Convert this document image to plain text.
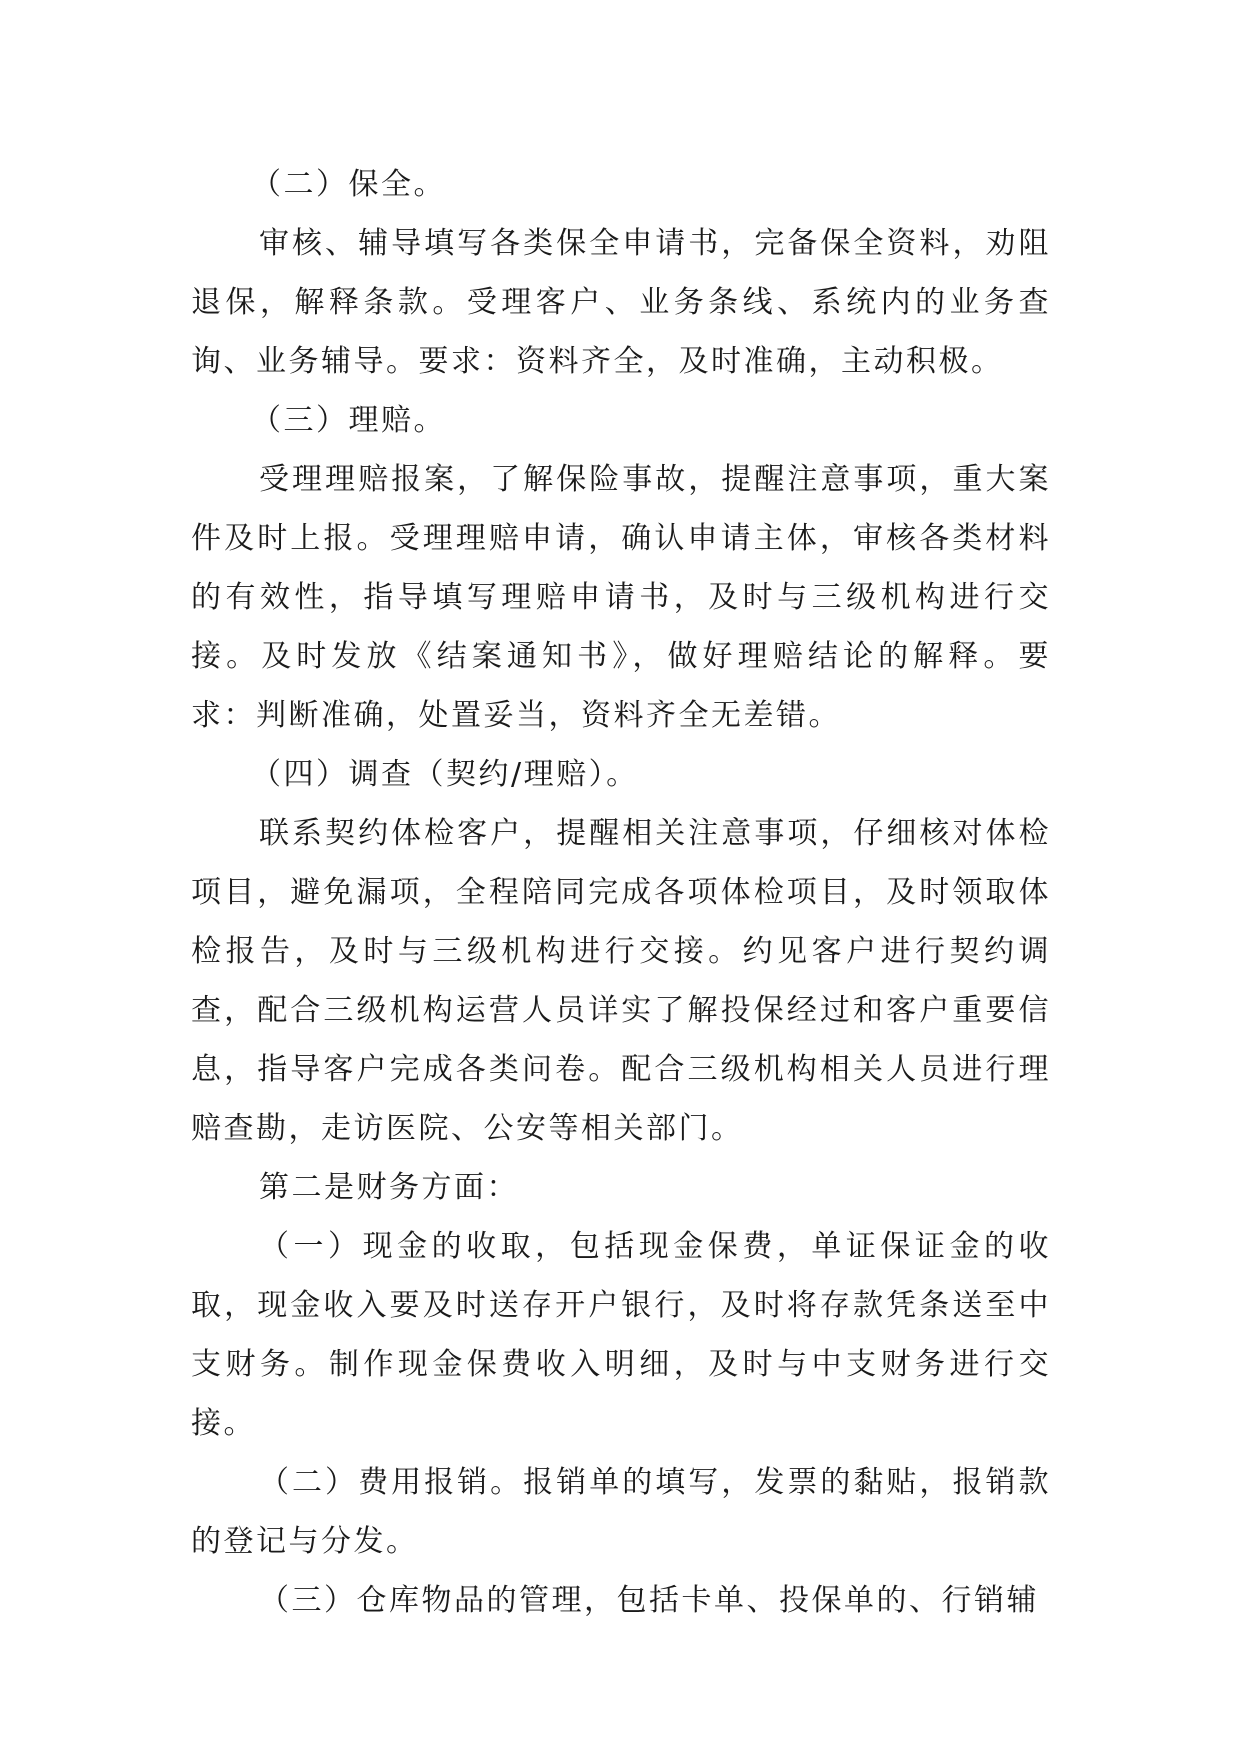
（二）保全。

审核、辅导填写各类保全申请书，完备保全资料，劝阻退保，解释条款。受理客户、业务条线、系统内的业务查询、业务辅导。要求：资料齐全，及时准确，主动积极。

（三）理赔。

受理理赔报案，了解保险事故，提醒注意事项，重大案件及时上报。受理理赔申请，确认申请主体，审核各类材料的有效性，指导填写理赔申请书，及时与三级机构进行交接。及时发放《结案通知书》，做好理赔结论的解释。要求：判断准确，处置妥当，资料齐全无差错。

（四）调查（契约/理赔）。

联系契约体检客户，提醒相关注意事项，仔细核对体检项目，避免漏项，全程陪同完成各项体检项目，及时领取体检报告，及时与三级机构进行交接。约见客户进行契约调查，配合三级机构运营人员详实了解投保经过和客户重要信息，指导客户完成各类问卷。配合三级机构相关人员进行理赔查勘，走访医院、公安等相关部门。

第二是财务方面：

（一）现金的收取，包括现金保费，单证保证金的收取，现金收入要及时送存开户银行，及时将存款凭条送至中支财务。制作现金保费收入明细，及时与中支财务进行交接。

（二）费用报销。报销单的填写，发票的黏贴，报销款的登记与分发。

（三）仓库物品的管理，包括卡单、投保单的、行销辅
